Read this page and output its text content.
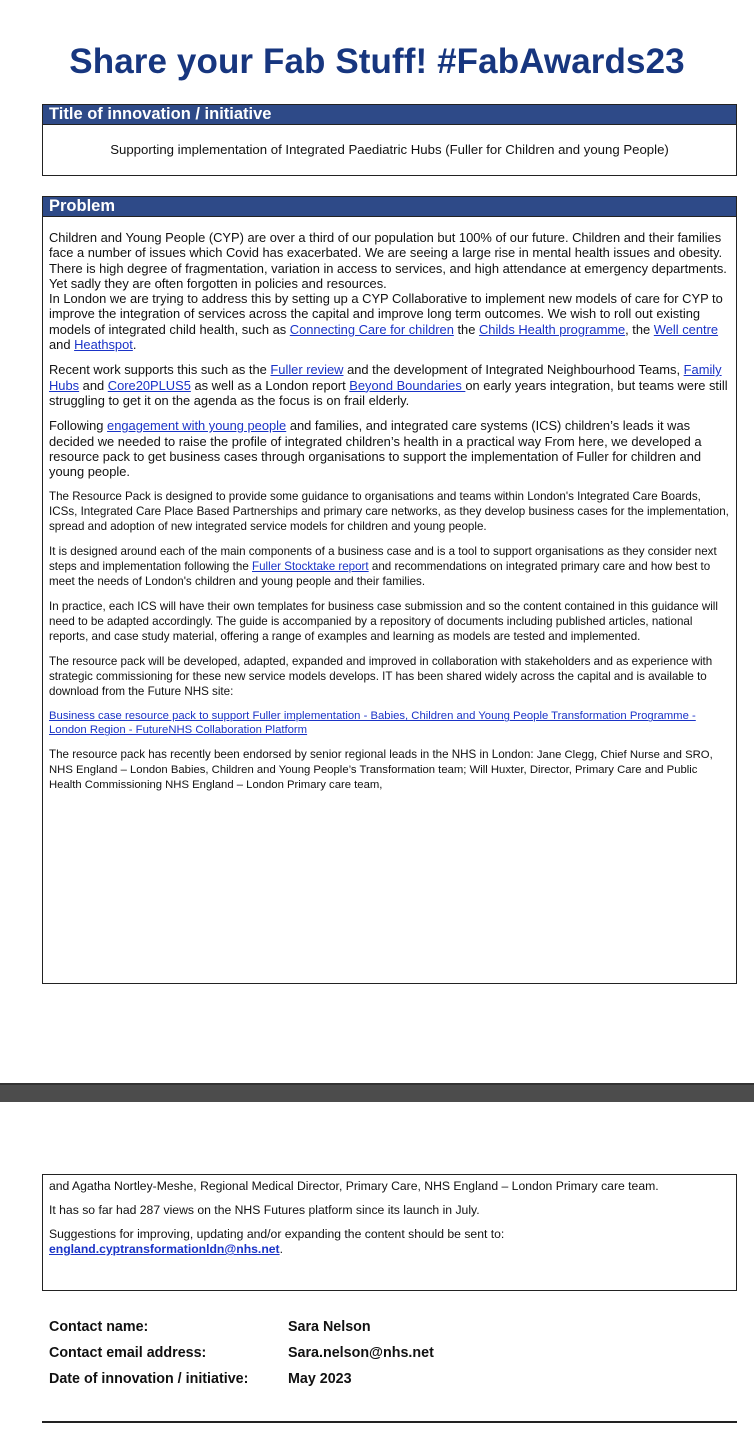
Share your Fab Stuff! #FabAwards23
Title of innovation / initiative
Supporting implementation of Integrated Paediatric Hubs (Fuller for Children and young People)
Problem

Children and Young People (CYP) are over a third of our population but 100% of our future. Children and their families face a number of issues which Covid has exacerbated. We are seeing a large rise in mental health issues and obesity. There is high degree of fragmentation, variation in access to services, and high attendance at emergency departments. Yet sadly they are often forgotten in policies and resources.

In London we are trying to address this by setting up a CYP Collaborative to implement new models of care for CYP to improve the integration of services across the capital and improve long term outcomes. We wish to roll out existing models of integrated child health, such as Connecting Care for children the Childs Health programme, the Well centre and Heathspot.

Recent work supports this such as the Fuller review and the development of Integrated Neighbourhood Teams, Family Hubs and Core20PLUS5 as well as a London report Beyond Boundaries on early years integration, but teams were still struggling to get it on the agenda as the focus is on frail elderly.

Following engagement with young people and families, and integrated care systems (ICS) children’s leads it was decided we needed to raise the profile of integrated children’s health in a practical way From here, we developed a resource pack to get business cases through organisations to support the implementation of Fuller for children and young people.

The Resource Pack is designed to provide some guidance to organisations and teams within London's Integrated Care Boards, ICSs, Integrated Care Place Based Partnerships and primary care networks, as they develop business cases for the implementation, spread and adoption of new integrated service models for children and young people.

It is designed around each of the main components of a business case and is a tool to support organisations as they consider next steps and implementation following the Fuller Stocktake report and recommendations on integrated primary care and how best to meet the needs of London's children and young people and their families.

In practice, each ICS will have their own templates for business case submission and so the content contained in this guidance will need to be adapted accordingly. The guide is accompanied by a repository of documents including published articles, national reports, and case study material, offering a range of examples and learning as models are tested and implemented.

The resource pack will be developed, adapted, expanded and improved in collaboration with stakeholders and as experience with strategic commissioning for these new service models develops. IT has been shared widely across the capital and is available to download from the Future NHS site:

Business case resource pack to support Fuller implementation - Babies, Children and Young People Transformation Programme - London Region - FutureNHS Collaboration Platform

The resource pack has recently been endorsed by senior regional leads in the NHS in London: Jane Clegg, Chief Nurse and SRO, NHS England – London Babies, Children and Young People’s Transformation team; Will Huxter, Director, Primary Care and Public Health Commissioning NHS England – London Primary care team,

and Agatha Nortley-Meshe, Regional Medical Director, Primary Care, NHS England – London Primary care team.

It has so far had 287 views on the NHS Futures platform since its launch in July.

Suggestions for improving, updating and/or expanding the content should be sent to: england.cyptransformationldn@nhs.net.

Contact name:	Sara Nelson
Contact email address:	Sara.nelson@nhs.net
Date of innovation / initiative:	May 2023
